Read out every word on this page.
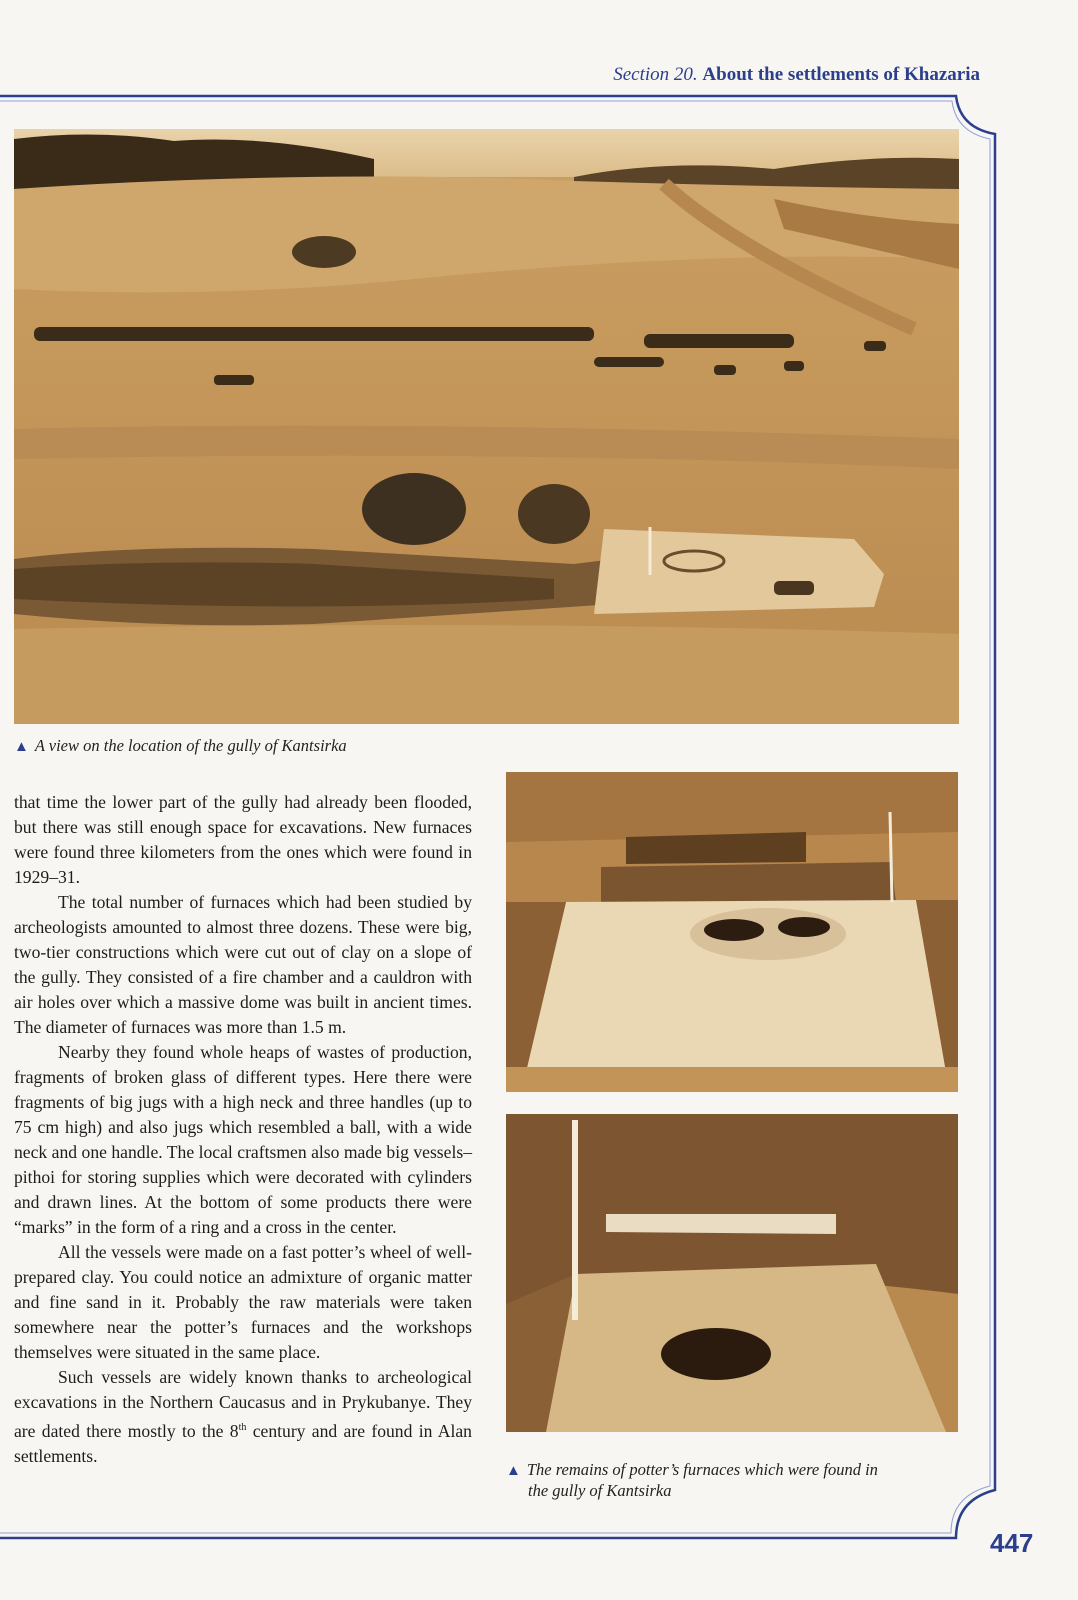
Section 20. About the settlements of Khazaria
▲ A view on the location of the gully of Kantsirka
▲ The remains of potter’s furnaces which were found in
the gully of Kantsirka

that time the lower part of the gully had already been flooded, but there was still enough space for excavations. New furnaces were found three kilometers from the ones which were found in 1929–31.

The total number of furnaces which had been studied by archeologists amounted to almost three dozens. These were big, two-tier constructions which were cut out of clay on a slope of the gully. They consisted of a fire chamber and a cauldron with air holes over which a massive dome was built in ancient times. The diameter of furnaces was more than 1.5 m.

Nearby they found whole heaps of wastes of production, fragments of broken glass of different types. Here there were fragments of big jugs with a high neck and three handles (up to 75 cm high) and also jugs which resembled a ball, with a wide neck and one handle. The local craftsmen also made big vessels–pithoi for storing supplies which were decorated with cylinders and drawn lines. At the bottom of some products there were “marks” in the form of a ring and a cross in the center.

All the vessels were made on a fast potter’s wheel of well-prepared clay. You could notice an admixture of organic matter and fine sand in it. Probably the raw materials were taken somewhere near the potter’s furnaces and the workshops themselves were situated in the same place.

Such vessels are widely known thanks to archeological excavations in the Northern Caucasus and in Prykubanye. They are dated there mostly to the 8th century and are found in Alan settlements.

447
